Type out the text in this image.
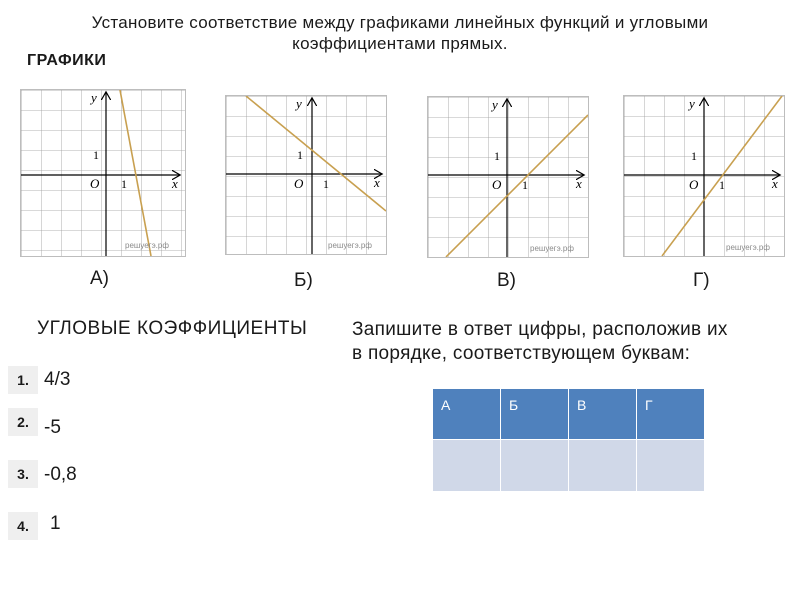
Установите соответствие между графиками линейных функций и угловыми
коэффициентами прямых.
ГРАФИКИ
y
x
O 1
1
решуегэ.рф
y
x
O 1
1
решуегэ.рф
y
x
O 1
1
решуегэ.рф
y
x
O 1
1
решуегэ.рф
А)	Б)	В)	Г)
УГЛОВЫЕ КОЭФФИЦИЕНТЫ Запишите в ответ цифры, расположив их
в порядке, соответствующем буквам:
1. 4/3
2. -5
3. -0,8
4.	1
А	Б	В	Г
